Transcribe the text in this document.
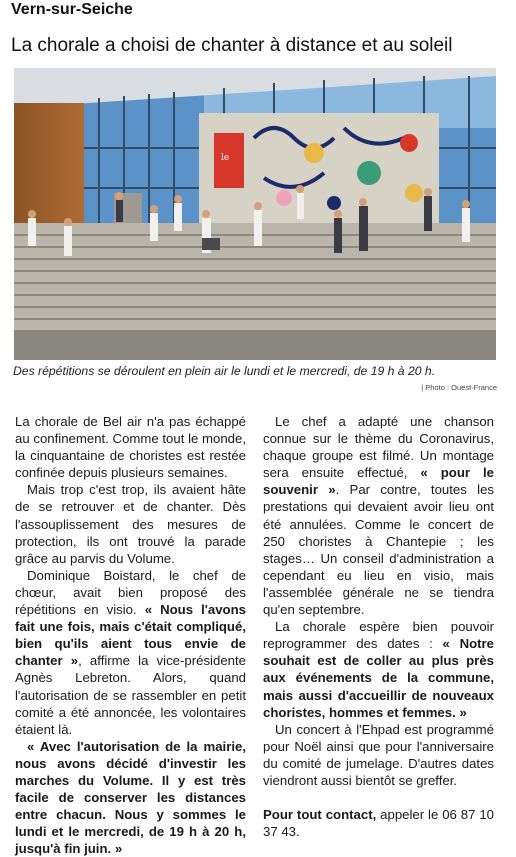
Vern-sur-Seiche
La chorale a choisi de chanter à distance et au soleil
le
Des répétitions se déroulent en plein air le lundi et le mercredi, de 19 h à 20 h.
| Photo : Ouest-France

La chorale de Bel air n'a pas échappé au confinement. Comme tout le monde, la cinquantaine de choristes est restée confinée depuis plusieurs semaines.

Mais trop c'est trop, ils avaient hâte de se retrouver et de chanter. Dès l'assouplissement des mesures de protection, ils ont trouvé la parade grâce au parvis du Volume.

Dominique Boistard, le chef de chœur, avait bien proposé des répétitions en visio. « Nous l'avons fait une fois, mais c'était compliqué, bien qu'ils aient tous envie de chanter », affirme la vice-présidente Agnès Lebreton. Alors, quand l'autorisation de se rassembler en petit comité a été annoncée, les volontaires étaient là.

« Avec l'autorisation de la mairie, nous avons décidé d'investir les marches du Volume. Il y est très facile de conserver les distances entre chacun. Nous y sommes le lundi et le mercredi, de 19 h à 20 h, jusqu'à fin juin. »

Le chef a adapté une chanson connue sur le thème du Coronavirus, chaque groupe est filmé. Un montage sera ensuite effectué, « pour le souvenir ». Par contre, toutes les prestations qui devaient avoir lieu ont été annulées. Comme le concert de 250 choristes à Chantepie ; les stages… Un conseil d'administration a cependant eu lieu en visio, mais l'assemblée générale ne se tiendra qu'en septembre.

La chorale espère bien pouvoir reprogrammer des dates : « Notre souhait est de coller au plus près aux événements de la commune, mais aussi d'accueillir de nouveaux choristes, hommes et femmes. »

Un concert à l'Ehpad est programmé pour Noël ainsi que pour l'anniversaire du comité de jumelage. D'autres dates viendront aussi bientôt se greffer.

Pour tout contact, appeler le 06 87 10 37 43.
